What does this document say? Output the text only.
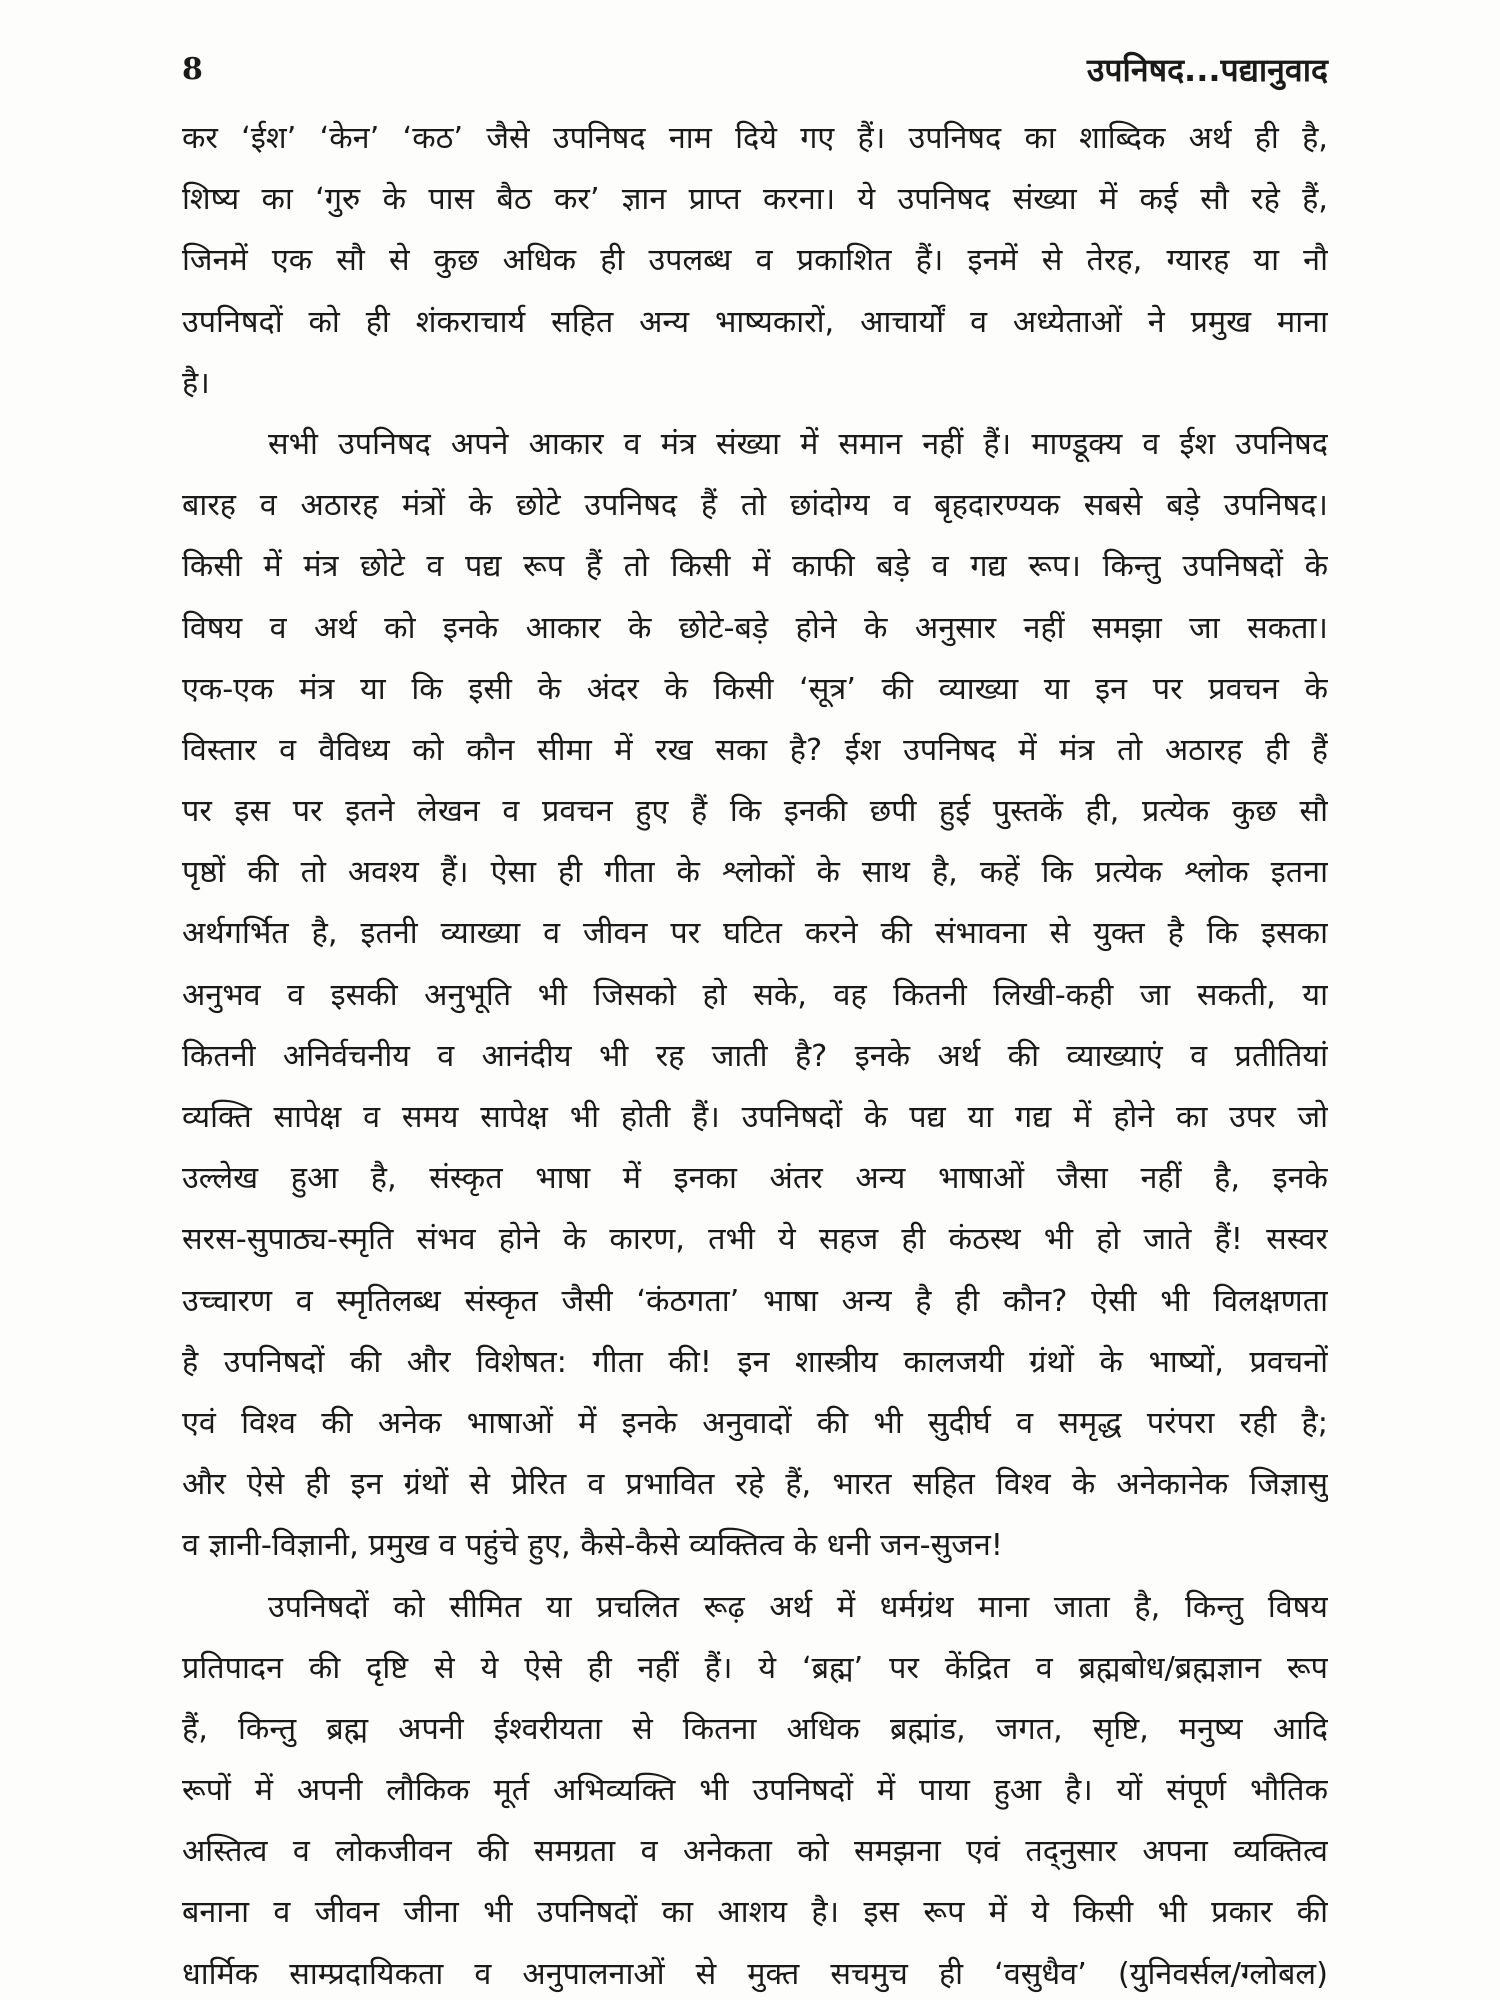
8	उपनिषद...पद्यानुवाद
कर ‘ईश’ ‘केन’ ‘कठ’ जैसे उपनिषद नाम दिये गए हैं। उपनिषद का शाब्दिक अर्थ ही है,
शिष्य का ‘गुरु के पास बैठ कर’ ज्ञान प्राप्त करना। ये उपनिषद संख्या में कई सौ रहे हैं,
जिनमें एक सौ से कुछ अधिक ही उपलब्ध व प्रकाशित हैं। इनमें से तेरह, ग्यारह या नौ
उपनिषदों को ही शंकराचार्य सहित अन्य भाष्यकारों, आचार्यों व अध्येताओं ने प्रमुख माना
है।
सभी उपनिषद अपने आकार व मंत्र संख्या में समान नहीं हैं। माण्डूक्य व ईश उपनिषद
बारह व अठारह मंत्रों के छोटे उपनिषद हैं तो छांदोग्य व बृहदारण्यक सबसे बड़े उपनिषद।
किसी में मंत्र छोटे व पद्य रूप हैं तो किसी में काफी बड़े व गद्य रूप। किन्तु उपनिषदों के
विषय व अर्थ को इनके आकार के छोटे-बड़े होने के अनुसार नहीं समझा जा सकता।
एक-एक मंत्र या कि इसी के अंदर के किसी ‘सूत्र’ की व्याख्या या इन पर प्रवचन के
विस्तार व वैविध्य को कौन सीमा में रख सका है? ईश उपनिषद में मंत्र तो अठारह ही हैं
पर इस पर इतने लेखन व प्रवचन हुए हैं कि इनकी छपी हुई पुस्तकें ही, प्रत्येक कुछ सौ
पृष्ठों की तो अवश्य हैं। ऐसा ही गीता के श्लोकों के साथ है, कहें कि प्रत्येक श्लोक इतना
अर्थगर्भित है, इतनी व्याख्या व जीवन पर घटित करने की संभावना से युक्त है कि इसका
अनुभव व इसकी अनुभूति भी जिसको हो सके, वह कितनी लिखी-कही जा सकती, या
कितनी अनिर्वचनीय व आनंदीय भी रह जाती है? इनके अर्थ की व्याख्याएं व प्रतीतियां
व्यक्ति सापेक्ष व समय सापेक्ष भी होती हैं। उपनिषदों के पद्य या गद्य में होने का उपर जो
उल्लेख हुआ है, संस्कृत भाषा में इनका अंतर अन्य भाषाओं जैसा नहीं है, इनके
सरस-सुपाठ्य-स्मृति संभव होने के कारण, तभी ये सहज ही कंठस्थ भी हो जाते हैं! सस्वर
उच्चारण व स्मृतिलब्ध संस्कृत जैसी ‘कंठगता’ भाषा अन्य है ही कौन? ऐसी भी विलक्षणता
है उपनिषदों की और विशेषत: गीता की! इन शास्त्रीय कालजयी ग्रंथों के भाष्यों, प्रवचनों
एवं विश्व की अनेक भाषाओं में इनके अनुवादों की भी सुदीर्घ व समृद्ध परंपरा रही है;
और ऐसे ही इन ग्रंथों से प्रेरित व प्रभावित रहे हैं, भारत सहित विश्व के अनेकानेक जिज्ञासु
व ज्ञानी-विज्ञानी, प्रमुख व पहुंचे हुए, कैसे-कैसे व्यक्तित्व के धनी जन-सुजन!
उपनिषदों को सीमित या प्रचलित रूढ़ अर्थ में धर्मग्रंथ माना जाता है, किन्तु विषय
प्रतिपादन की दृष्टि से ये ऐसे ही नहीं हैं। ये ‘ब्रह्म’ पर केंद्रित व ब्रह्मबोध/ब्रह्मज्ञान रूप
हैं, किन्तु ब्रह्म अपनी ईश्वरीयता से कितना अधिक ब्रह्मांड, जगत, सृष्टि, मनुष्य आदि
रूपों में अपनी लौकिक मूर्त अभिव्यक्ति भी उपनिषदों में पाया हुआ है। यों संपूर्ण भौतिक
अस्तित्व व लोकजीवन की समग्रता व अनेकता को समझना एवं तद्नुसार अपना व्यक्तित्व
बनाना व जीवन जीना भी उपनिषदों का आशय है। इस रूप में ये किसी भी प्रकार की
धार्मिक साम्प्रदायिकता व अनुपालनाओं से मुक्त सचमुच ही ‘वसुधैव’ (युनिवर्सल/ग्लोबल)
